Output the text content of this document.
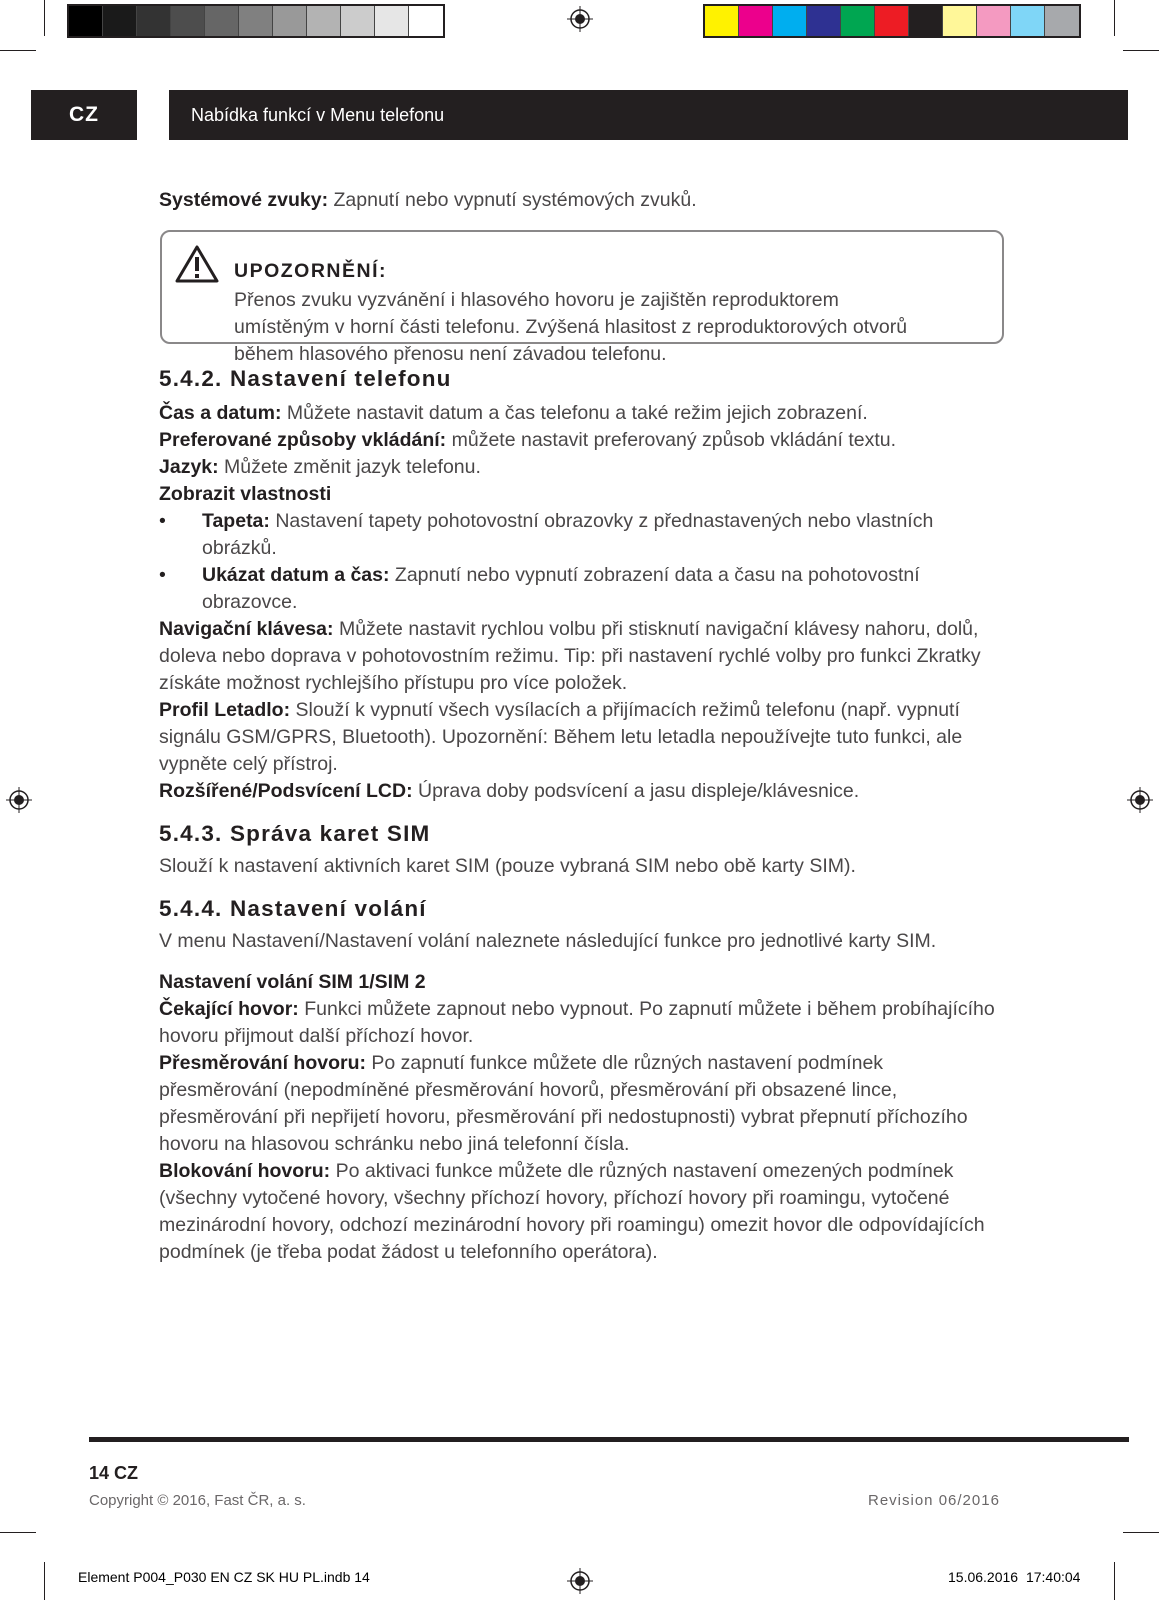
CZ	Nabídka funkcí v Menu telefonu

Systémové zvuky: Zapnutí nebo vypnutí systémových zvuků.

UPOZORNĚNÍ:
Přenos zvuku vyzvánění i hlasového hovoru je zajištěn reproduktorem
umístěným v horní části telefonu. Zvýšená hlasitost z reproduktorových otvorů
během hlasového přenosu není závadou telefonu.
5.4.2. Nastavení telefonu

Čas a datum: Můžete nastavit datum a čas telefonu a také režim jejich zobrazení.

Preferované způsoby vkládání: můžete nastavit preferovaný způsob vkládání textu.

Jazyk: Můžete změnit jazyk telefonu.

Zobrazit vlastnosti

• Tapeta: Nastavení tapety pohotovostní obrazovky z přednastavených nebo vlastních obrázků.
• Ukázat datum a čas: Zapnutí nebo vypnutí zobrazení data a času na pohotovostní obrazovce.

Navigační klávesa: Můžete nastavit rychlou volbu při stisknutí navigační klávesy nahoru, dolů, doleva nebo doprava v pohotovostním režimu. Tip: při nastavení rychlé volby pro funkci Zkratky získáte možnost rychlejšího přístupu pro více položek.

Profil Letadlo: Slouží k vypnutí všech vysílacích a přijímacích režimů telefonu (např. vypnutí signálu GSM/GPRS, Bluetooth). Upozornění: Během letu letadla nepoužívejte tuto funkci, ale vypněte celý přístroj.

Rozšířené/Podsvícení LCD: Úprava doby podsvícení a jasu displeje/klávesnice.

5.4.3. Správa karet SIM

Slouží k nastavení aktivních karet SIM (pouze vybraná SIM nebo obě karty SIM).

5.4.4. Nastavení volání

V menu Nastavení/Nastavení volání naleznete následující funkce pro jednotlivé karty SIM.

Nastavení volání SIM 1/SIM 2

Čekající hovor: Funkci můžete zapnout nebo vypnout. Po zapnutí můžete i během probíhajícího hovoru přijmout další příchozí hovor.

Přesměrování hovoru: Po zapnutí funkce můžete dle různých nastavení podmínek přesměrování (nepodmíněné přesměrování hovorů, přesměrování při obsazené lince, přesměrování při nepřijetí hovoru, přesměrování při nedostupnosti) vybrat přepnutí příchozího hovoru na hlasovou schránku nebo jiná telefonní čísla.

Blokování hovoru: Po aktivaci funkce můžete dle různých nastavení omezených podmínek (všechny vytočené hovory, všechny příchozí hovory, příchozí hovory při roamingu, vytočené mezinárodní hovory, odchozí mezinárodní hovory při roamingu) omezit hovor dle odpovídajících podmínek (je třeba podat žádost u telefonního operátora).

14 CZ
Copyright © 2016, Fast ČR, a. s.	Revision 06/2016
Element P004_P030 EN CZ SK HU PL.indb 14	15.06.2016 17:40:04
